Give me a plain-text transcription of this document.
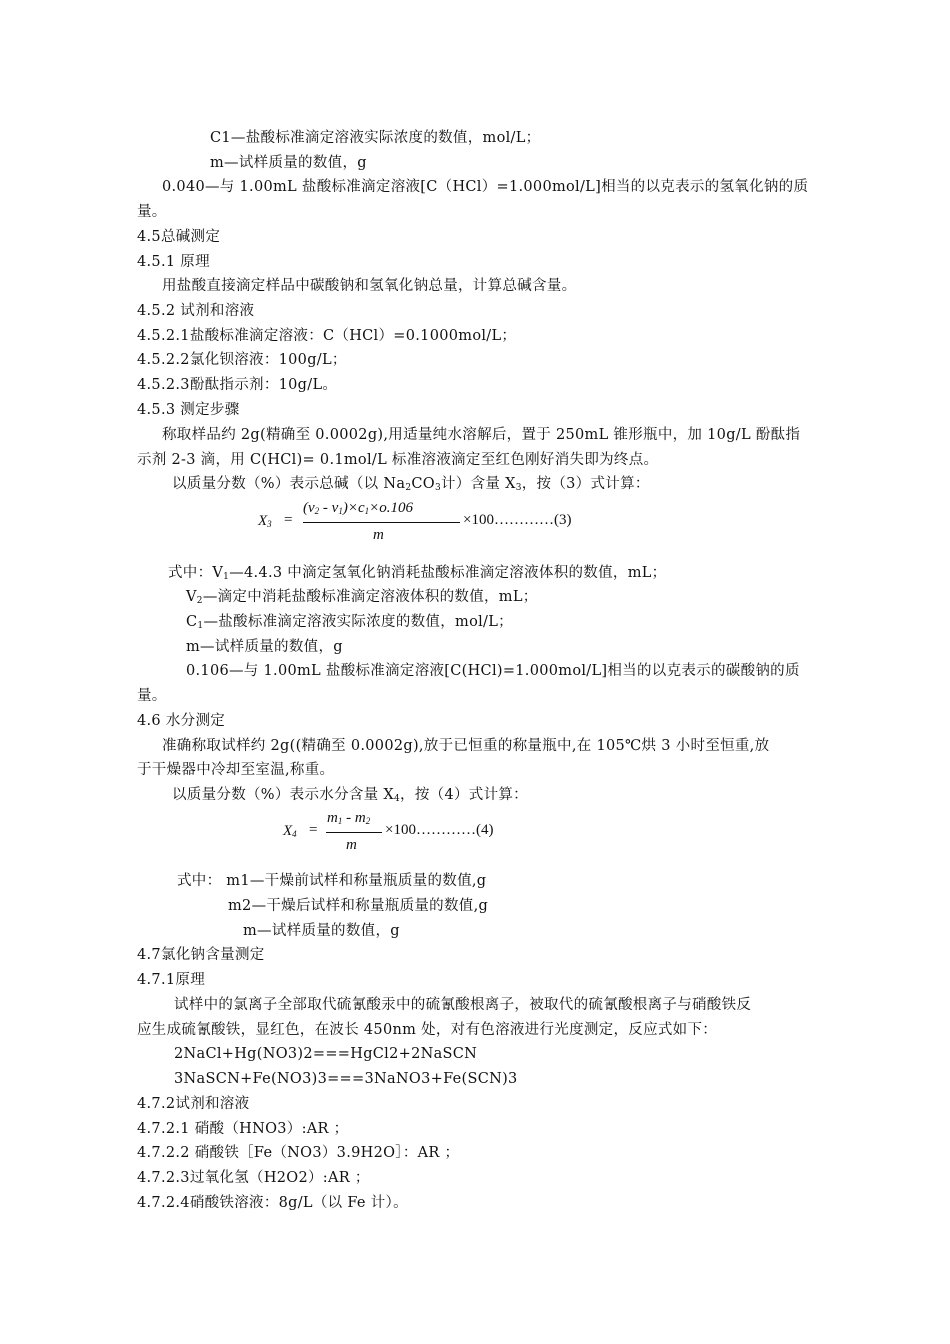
C1—盐酸标准滴定溶液实际浓度的数值，mol/L；
m—试样质量的数值，g
0.040—与 1.00mL 盐酸标准滴定溶液[C（HCl）=1.000mol/L]相当的以克表示的氢氧化钠的质
量。
4.5总碱测定
4.5.1 原理
用盐酸直接滴定样品中碳酸钠和氢氧化钠总量，计算总碱含量。
4.5.2 试剂和溶液
4.5.2.1盐酸标准滴定溶液：C（HCl）=0.1000mol/L；
4.5.2.2氯化钡溶液：100g/L；
4.5.2.3酚酞指示剂：10g/L。
4.5.3 测定步骤
称取样品约 2g(精确至 0.0002g),用适量纯水溶解后，置于 250mL 锥形瓶中，加 10g/L 酚酞指
示剂 2-3 滴，用 C(HCl)= 0.1mol/L 标准溶液滴定至红色刚好消失即为终点。
以质量分数（%）表示总碱（以 $Na_2CO_3$计）含量 $X_3$，按（3）式计算：
$X_3$ =
$(v_2 - v_1)\times c_1\times o.106$
m
×100…………(3)
式中：$V_1—4.4.3$ 中滴定氢氧化钠消耗盐酸标准滴定溶液体积的数值，mL；
$V_2—$滴定中消耗盐酸标准滴定溶液体积的数值，mL；
$C_1—$盐酸标准滴定溶液实际浓度的数值，mol/L；
m—试样质量的数值，g
0.106—与 1.00mL 盐酸标准滴定溶液[C(HCl)=1.000mol/L]相当的以克表示的碳酸钠的质
量。
4.6 水分测定
准确称取试样约 2g((精确至 0.0002g),放于已恒重的称量瓶中,在 105℃烘 3 小时至恒重,放
于干燥器中冷却至室温,称重。
以质量分数（%）表示水分含量 $X_4$，按（4）式计算：
$X_4$ =
$m_1 - m_2$
m
×100…………(4)
式中： m1—干燥前试样和称量瓶质量的数值,g
m2—干燥后试样和称量瓶质量的数值,g
m—试样质量的数值，g
4.7氯化钠含量测定
4.7.1原理
试样中的氯离子全部取代硫氰酸汞中的硫氰酸根离子，被取代的硫氰酸根离子与硝酸铁反
应生成硫氰酸铁，显红色，在波长 450nm 处，对有色溶液进行光度测定，反应式如下：
2NaCl+Hg(NO3)2===HgCl2+2NaSCN
3NaSCN+Fe(NO3)3===3NaNO3+Fe(SCN)3
4.7.2试剂和溶液
4.7.2.1 硝酸（HNO3）:AR ；
4.7.2.2 硝酸铁［Fe（NO3）3.9H2O］：AR ；
4.7.2.3过氧化氢（H2O2）:AR ；
4.7.2.4硝酸铁溶液：8g/L（以 Fe 计）。
